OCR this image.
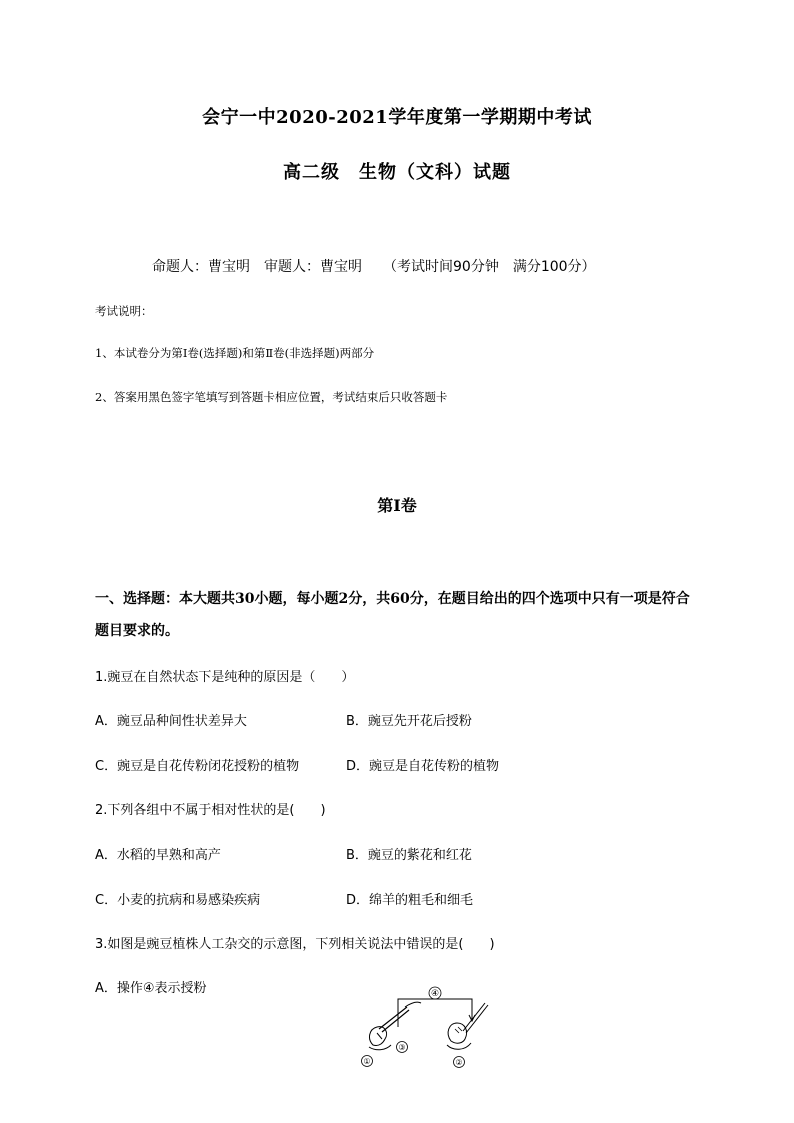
会宁一中2020-2021学年度第一学期期中考试
高二级　生物（文科）试题
命题人：曹宝明　审题人：曹宝明　　（考试时间90分钟　满分100分）
考试说明：
1、本试卷分为第Ⅰ卷(选择题)和第Ⅱ卷(非选择题)两部分
2、答案用黑色签字笔填写到答题卡相应位置，考试结束后只收答题卡
第Ⅰ卷
一、选择题：本大题共30小题，每小题2分，共60分，在题目给出的四个选项中只有一项是符合
题目要求的。
1.豌豆在自然状态下是纯种的原因是（　　）
A．豌豆品种间性状差异大	B．豌豆先开花后授粉
C．豌豆是自花传粉闭花授粉的植物	D．豌豆是自花传粉的植物
2.下列各组中不属于相对性状的是(　　)
A．水稻的早熟和高产	B．豌豆的紫花和红花
C．小麦的抗病和易感染疾病	D．绵羊的粗毛和细毛
3.如图是豌豆植株人工杂交的示意图，下列相关说法中错误的是(　　)
A．操作④表示授粉	④
①
③
②
